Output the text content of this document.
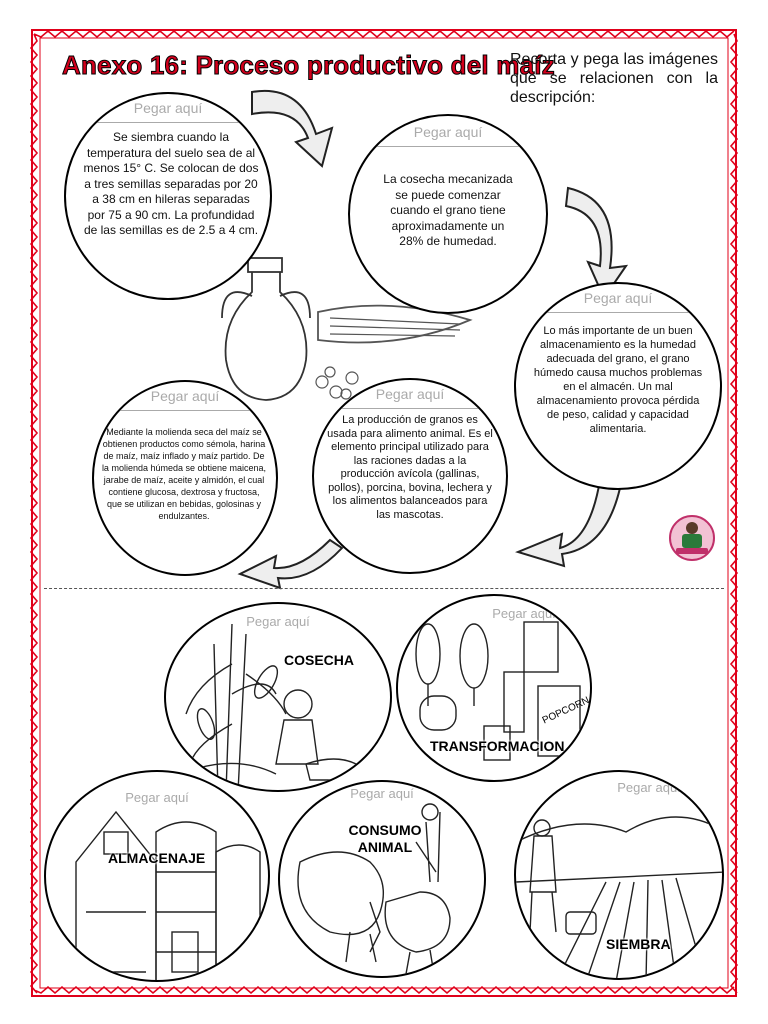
Anexo 16: Proceso productivo del maíz
Recorta y pega las imágenes que se relacionen con la descripción:
Pegar aquí
Se siembra cuando la temperatura del suelo sea de al menos 15° C. Se colocan de dos a tres semillas separadas por 20 a 38 cm en hileras separadas por 75 a 90 cm. La profundidad de las semillas es de 2.5 a 4 cm.
Pegar aquí
La cosecha mecanizada se puede comenzar cuando el grano tiene aproximadamente un 28% de humedad.
Pegar aquí
Lo más importante de un buen almacenamiento es la humedad adecuada del grano, el grano húmedo causa muchos problemas en el almacén. Un mal almacenamiento provoca pérdida de peso, calidad y capacidad alimentaria.
Pegar aquí
La producción de granos es usada para alimento animal. Es el elemento principal utilizado para las raciones dadas a la producción avícola (gallinas, pollos), porcina, bovina, lechera y los alimentos balanceados para las mascotas.
Pegar aquí
Mediante la molienda seca del maíz se obtienen productos como sémola, harina de maíz, maíz inflado y maíz partido. De la molienda húmeda se obtiene maicena, jarabe de maíz, aceite y almidón, el cual contiene glucosa, dextrosa y fructosa, que se utilizan en bebidas, golosinas y endulzantes.
Pegar aquí
COSECHA
Pegar aquí
POPCORN
TRANSFORMACION
Pegar aquí
ALMACENAJE
Pegar aquí
CONSUMO ANIMAL
Pegar aquí
SIEMBRA
